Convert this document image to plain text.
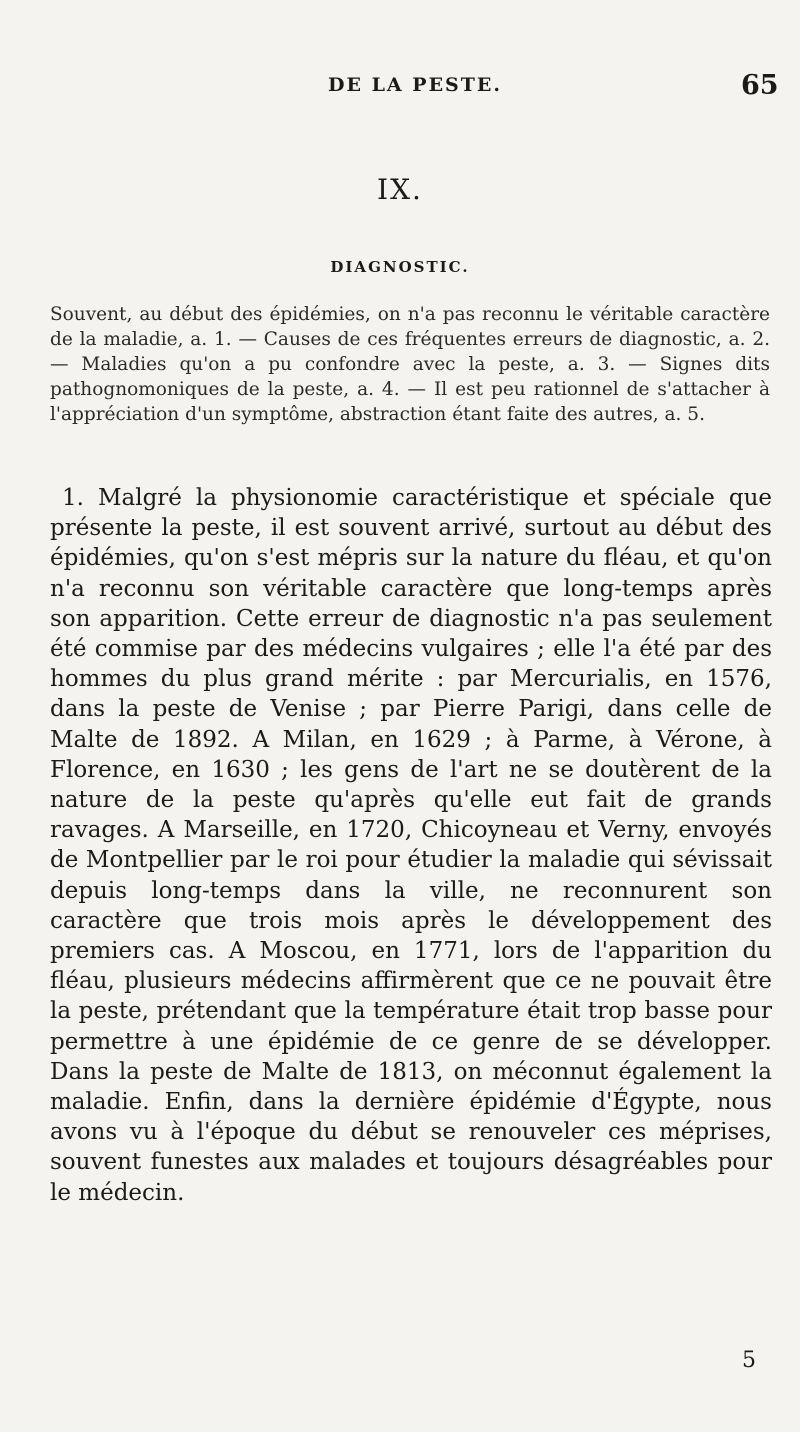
DE LA PESTE.	65
IX.
DIAGNOSTIC.
Souvent, au début des épidémies, on n'a pas reconnu le véritable caractère de la maladie, a. 1. — Causes de ces fréquentes erreurs de diagnostic, a. 2. — Maladies qu'on a pu confondre avec la peste, a. 3. — Signes dits pathognomoniques de la peste, a. 4. — Il est peu rationnel de s'attacher à l'appréciation d'un symptôme, abstraction étant faite des autres, a. 5.

1. Malgré la physionomie caractéristique et spéciale que présente la peste, il est souvent arrivé, surtout au début des épidémies, qu'on s'est mépris sur la nature du fléau, et qu'on n'a reconnu son véritable caractère que long-temps après son apparition. Cette erreur de diagnostic n'a pas seulement été commise par des médecins vulgaires ; elle l'a été par des hommes du plus grand mérite : par Mercurialis, en 1576, dans la peste de Venise ; par Pierre Parigi, dans celle de Malte de 1892. A Milan, en 1629 ; à Parme, à Vérone, à Florence, en 1630 ; les gens de l'art ne se doutèrent de la nature de la peste qu'après qu'elle eut fait de grands ravages. A Marseille, en 1720, Chicoyneau et Verny, envoyés de Montpellier par le roi pour étudier la maladie qui sévissait depuis long-temps dans la ville, ne reconnurent son caractère que trois mois après le développement des premiers cas. A Moscou, en 1771, lors de l'apparition du fléau, plusieurs médecins affirmèrent que ce ne pouvait être la peste, prétendant que la température était trop basse pour permettre à une épidémie de ce genre de se développer. Dans la peste de Malte de 1813, on méconnut également la maladie. Enfin, dans la dernière épidémie d'Égypte, nous avons vu à l'époque du début se renouveler ces méprises, souvent funestes aux malades et toujours désagréables pour le médecin.

5
